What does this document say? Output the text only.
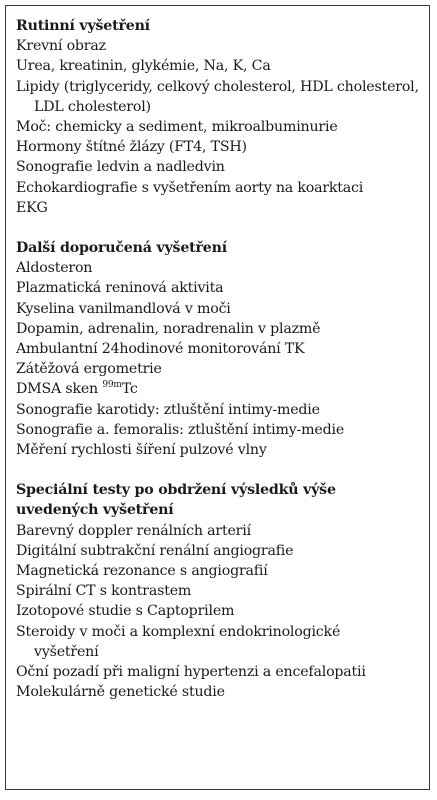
Rutinní vyšetření
Krevní obraz
Urea, kreatinin, glykémie, Na, K, Ca
Lipidy (triglyceridy, celkový cholesterol, HDL cholesterol, LDL cholesterol)
Moč: chemicky a sediment, mikroalbuminurie
Hormony štítné žlázy (FT4, TSH)
Sonografie ledvin a nadledvin
Echokardiografie s vyšetřením aorty na koarktaci
EKG
Další doporučená vyšetření
Aldosteron
Plazmatická reninová aktivita
Kyselina vanilmandlová v moči
Dopamin, adrenalin, noradrenalin v plazmě
Ambulantní 24hodinové monitorování TK
Zátěžová ergometrie
DMSA sken $^{99m}$Tc
Sonografie karotidy: ztluštění intimy-medie
Sonografie a. femoralis: ztluštění intimy-medie
Měření rychlosti šíření pulzové vlny
Speciální testy po obdržení výsledků výše uvedených vyšetření
Barevný doppler renálních arterií
Digitální subtrakční renální angiografie
Magnetická rezonance s angiografií
Spirální CT s kontrastem
Izotopové studie s Captoprilem
Steroidy v moči a komplexní endokrinologické vyšetření
Oční pozadí při maligní hypertenzi a encefalopatii
Molekulárně genetické studie
